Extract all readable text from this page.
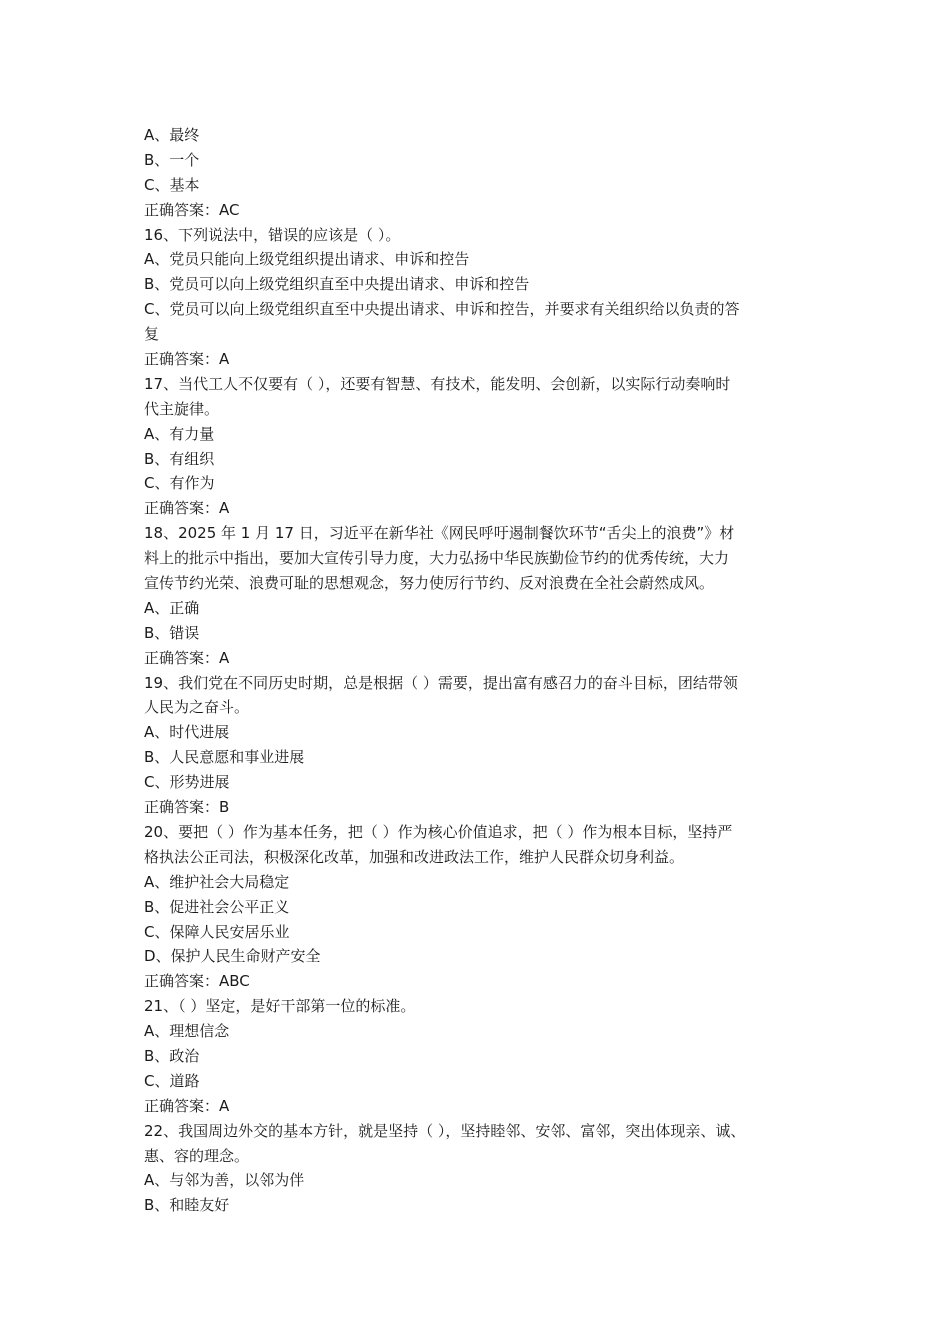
A、最终
B、一个
C、基本
正确答案：AC
16、下列说法中，错误的应该是（ ）。
A、党员只能向上级党组织提出请求、申诉和控告
B、党员可以向上级党组织直至中央提出请求、申诉和控告
C、党员可以向上级党组织直至中央提出请求、申诉和控告，并要求有关组织给以负责的答
复
正确答案：A
17、当代工人不仅要有（ ），还要有智慧、有技术，能发明、会创新，以实际行动奏响时
代主旋律。
A、有力量
B、有组织
C、有作为
正确答案：A
18、2025 年 1 月 17 日，习近平在新华社《网民呼吁遏制餐饮环节“舌尖上的浪费”》材
料上的批示中指出，要加大宣传引导力度，大力弘扬中华民族勤俭节约的优秀传统，大力
宣传节约光荣、浪费可耻的思想观念，努力使厉行节约、反对浪费在全社会蔚然成风。
A、正确
B、错误
正确答案：A
19、我们党在不同历史时期，总是根据（ ）需要，提出富有感召力的奋斗目标，团结带领
人民为之奋斗。
A、时代进展
B、人民意愿和事业进展
C、形势进展
正确答案：B
20、要把（ ）作为基本任务，把（ ）作为核心价值追求，把（ ）作为根本目标，坚持严
格执法公正司法，积极深化改革，加强和改进政法工作，维护人民群众切身利益。
A、维护社会大局稳定
B、促进社会公平正义
C、保障人民安居乐业
D、保护人民生命财产安全
正确答案：ABC
21、（ ）坚定，是好干部第一位的标准。
A、理想信念
B、政治
C、道路
正确答案：A
22、我国周边外交的基本方针，就是坚持（ ），坚持睦邻、安邻、富邻，突出体现亲、诚、
惠、容的理念。
A、与邻为善，以邻为伴
B、和睦友好
